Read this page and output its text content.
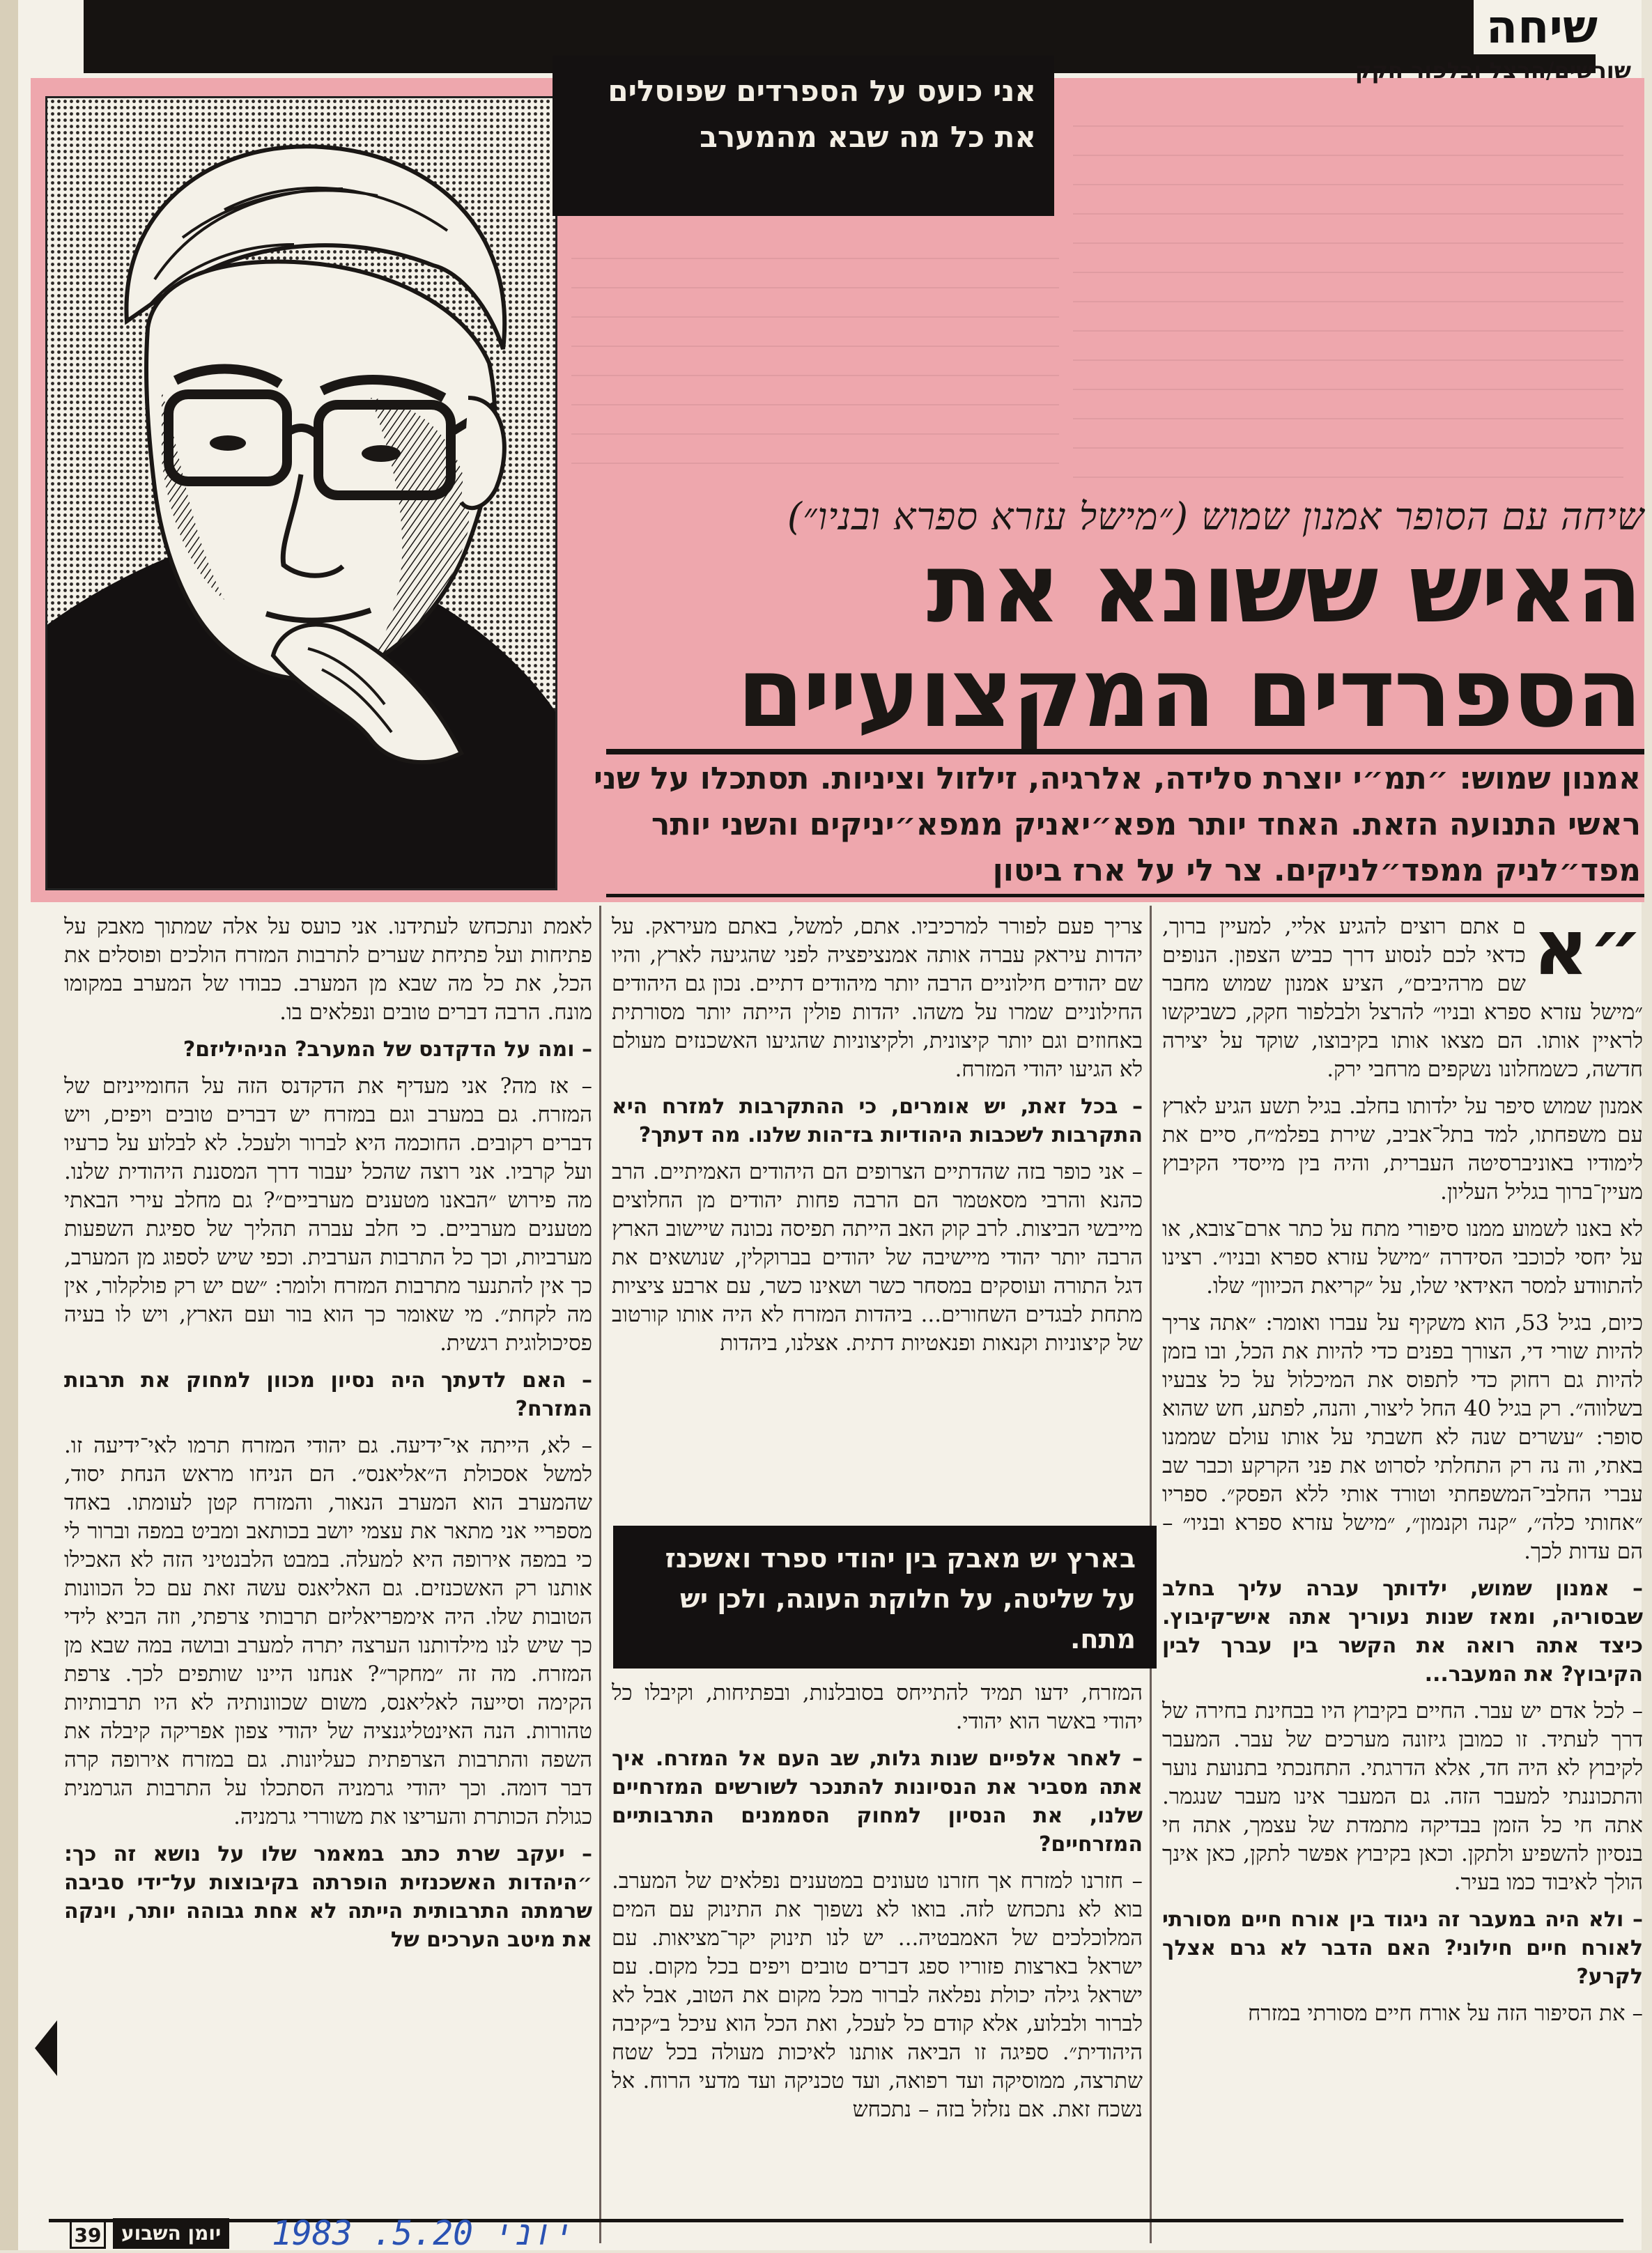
שיחה
שורשים/הרצל ובלפור חקק
אני כועס על הספרדים שפוסלים
את כל מה שבא מהמערב
שיחה עם הסופר אמנון שמוש (״מישל עזרא ספרא ובניו״)
האיש ששונא את
הספרדים המקצועיים
אמנון שמוש: ״תמ״י יוצרת סלידה, אלרגיה, זילזול וציניות. תסתכלו על שני ראשי התנועה הזאת. האחד יותר מפא״יאניק ממפא״יניקים והשני יותר מפד״לניק ממפד״לניקים. צר לי על ארז ביטון
״א

ם אתם רוצים להגיע אליי, למעיין ברוך, כדאי לכם לנסוע דרך כביש הצפון. הנופים שם מרהיבים״, הציע אמנון שמוש מחבר ״מישל עזרא ספרא ובניו״ להרצל ולבלפור חקק, כשביקשו לראיין אותו. הם מצאו אותו בקיבוצו, שוקד על יצירה חדשה, כשמחלונו נשקפים מרחבי ירק.

אמנון שמוש סיפר על ילדותו בחלב. בגיל תשע הגיע לארץ עם משפחתו, למד בתל־אביב, שירת בפלמ״ח, סיים את לימודיו באוניברסיטה העברית, והיה בין מייסדי הקיבוץ מעיין־ברוך בגליל העליון.

לא באנו לשמוע ממנו סיפורי מתח על כתר ארם־צובא, או על יחסי לכוכבי הסידרה ״מישל עזרא ספרא ובניו״. רצינו להתוודע למסר האידאי שלו, על ״קריאת הכיוון״ שלו.

כיום, בגיל 53, הוא משקיף על עברו ואומר: ״אתה צריך להיות שורי די, הצורך בפנים כדי להיות את הכל, ובו בזמן להיות גם רחוק כדי לתפוס את המיכלול על כל צבעיו בשלווה״. רק בגיל 40 החל ליצור, והנה, לפתע, חש שהוא סופר: ״עשרים שנה לא חשבתי על אותו עולם שממנו באתי, וה נה רק התחלתי לסרוט את פני הקרקע וכבר שב עברי החלבי־המשפחתי וטורד אותי ללא הפסק״. ספריו ״אחותי כלה״, ״קנה וקנמון״, ״מישל עזרא ספרא ובניו״ – הם עדות לכך.

– אמנון שמוש, ילדותך עברה עליך בחלב שבסוריה, ומאז שנות נעוריך אתה איש־קיבוץ. כיצד אתה רואה את הקשר בין עברך לבין הקיבוץ? את המעבר...

– לכל אדם יש עבר. החיים בקיבוץ היו בבחינת בחירה של דרך לעתיד. זו כמובן גיזונה מערכים של עבר. המעבר לקיבוץ לא היה חד, אלא הדרגתי. התחנכתי בתנועת נוער והתכוננתי למעבר הזה. גם המעבר אינו מעבר שנגמר. אתה חי כל הזמן בבדיקה מתמדת של עצמך, אתה חי בנסיון להשפיע ולתקן. וכאן בקיבוץ אפשר לתקן, כאן אינך הולך לאיבוד כמו בעיר.

– ולא היה במעבר זה ניגוד בין אורח חיים מסורתי לאורח חיים חילוני? האם הדבר לא גרם אצלך לקרע?

– את הסיפור הזה על אורח חיים מסורתי במזרח

צריך פעם לפורר למרכיביו. אתם, למשל, באתם מעיראק. על יהדות עיראק עברה אותה אמנציפציה לפני שהגיעה לארץ, והיו שם יהודים חילוניים הרבה יותר מיהודים דתיים. נכון גם היהודים החילוניים שמרו על משהו. יהדות פולין הייתה יותר מסורתית באחוזים וגם יותר קיצונית, ולקיצוניות שהגיעו האשכנזים מעולם לא הגיעו יהודי המזרח.

– בכל זאת, יש אומרים, כי ההתקרבות למזרח היא התקרבות לשכבות היהודיות בז־הות שלנו. מה דעתך?

– אני כופר בזה שהדתיים הצרופים הם היהודים האמיתיים. הרב כהנא והרבי מסאטמר הם הרבה פחות יהודים מן החלוצים מייבשי הביצות. לרב קוק האב הייתה תפיסה נכונה שיישוב הארץ הרבה יותר יהודי מיישיבה של יהודים בברוקלין, שנושאים את דגל התורה ועוסקים במסחר כשר ושאינו כשר, עם ארבע ציציות מתחת לבגדים השחורים... ביהדות המזרח לא היה אותו קורטוב של קיצוניות וקנאות ופנאטיות דתית. אצלנו, ביהדות

בארץ יש מאבק בין יהודי ספרד ואשכנז על שליטה, על חלוקת העוגה, ולכן יש מתח.

המזרח, ידעו תמיד להתייחס בסובלנות, ובפתיחות, וקיבלו כל יהודי באשר הוא יהודי.

– לאחר אלפיים שנות גלות, שב העם אל המזרח. איך אתה מסביר את הנסיונות להתנכר לשורשים המזרחיים שלנו, את הנסיון למחוק הסממנים התרבותיים המזרחיים?

– חזרנו למזרח אך חזרנו טעונים במטענים נפלאים של המערב. בוא לא נתכחש לזה. בואו לא נשפוך את התינוק עם המים המלוכלכים של האמבטיה... יש לנו תינוק יקר־מציאות. עם ישראל בארצות פזוריו ספג דברים טובים ויפים בכל מקום. עם ישראל גילה יכולת נפלאה לברור מכל מקום את הטוב, אבל לא לברור ולבלוע, אלא קודם כל לעכל, ואת הכל הוא עיכל ב״קיבה היהודית״. ספיגה זו הביאה אותנו לאיכות מעולה בכל שטח שתרצה, ממוסיקה ועד רפואה, ועד טכניקה ועד מדעי הרוח. אל נשכח זאת. אם נזלזל בזה – נתכחש

לאמת ונתכחש לעתידנו. אני כועס על אלה שמתוך מאבק על פתיחות ועל פתיחת שערים לתרבות המזרח הולכים ופוסלים את הכל, את כל מה שבא מן המערב. כבודו של המערב במקומו מונח. הרבה דברים טובים ונפלאים בו.

– ומה על הדקדנס של המערב? הניהיליזם?

– אז מה? אני מעדיף את הדקדנס הזה על החומייניזם של המזרח. גם במערב וגם במזרח יש דברים טובים ויפים, ויש דברים רקובים. החוכמה היא לברור ולעכל. לא לבלוע על כרעיו ועל קרביו. אני רוצה שהכל יעבור דרך המסננת היהודית שלנו. מה פירוש ״הבאנו מטענים מערביים״? גם מחלב עירי הבאתי מטענים מערביים. כי חלב עברה תהליך של ספיגת השפעות מערביות, וכך כל התרבות הערבית. וכפי שיש לספוג מן המערב, כך אין להתנער מתרבות המזרח ולומר: ״שם יש רק פולקלור, אין מה לקחת״. מי שאומר כך הוא בור ועם הארץ, ויש לו בעיה פסיכולוגית רגשית.

– האם לדעתך היה נסיון מכוון למחוק את תרבות המזרח?

– לא, הייתה אי־ידיעה. גם יהודי המזרח תרמו לאי־ידיעה זו. למשל אסכולת ה״אליאנס״. הם הניחו מראש הנחת יסוד, שהמערב הוא המערב הנאור, והמזרח קטן לעומתו. באחד מספריי אני מתאר את עצמי יושב בכותאב ומביט במפה וברור לי כי במפה אירופה היא למעלה. במבט הלבנטיני הזה לא האכילו אותנו רק האשכנזים. גם האליאנס עשה זאת עם כל הכוונות הטובות שלו. היה אימפריאליזם תרבותי צרפתי, וזה הביא לידי כך שיש לנו מילדותנו הערצה יתרה למערב ובושה במה שבא מן המזרח. מה זה ״מחקר״? אנחנו היינו שותפים לכך. צרפת הקימה וסייעה לאליאנס, משום שכוונותיה לא היו תרבותיות טהורות. הנה האינטליגנציה של יהודי צפון אפריקה קיבלה את השפה והתרבות הצרפתית כעליונות. גם במזרח אירופה קרה דבר דומה. וכך יהודי גרמניה הסתכלו על התרבות הגרמנית כגולת הכותרת והעריצו את משוררי גרמניה.

– יעקב שרת כתב במאמר שלו על נושא זה כך: ״היהדות האשכנזית הופרתה בקיבוצות על־ידי סביבה שרמתה התרבותית הייתה לא אחת גבוהה יותר, וינקה את מיטב הערכים של

39	יומן השבוע 1983 .5.יוני 20
